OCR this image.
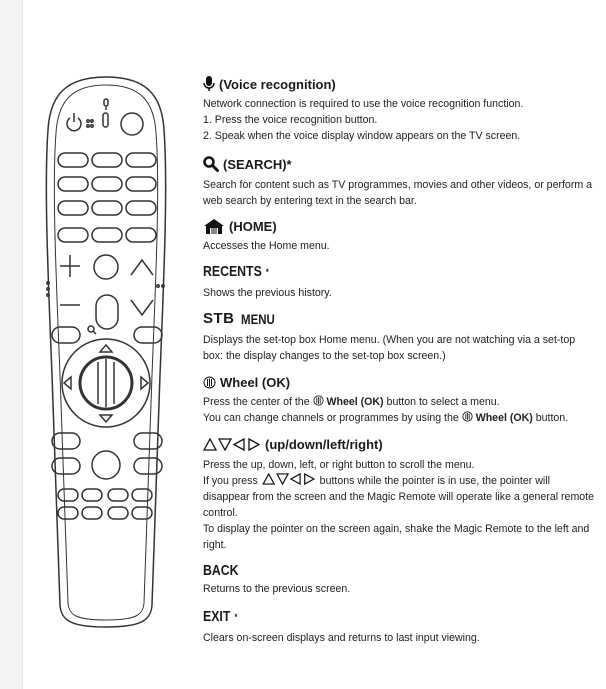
(Voice recognition)
Network connection is required to use the voice recognition function.
1. Press the voice recognition button.
2. Speak when the voice display window appears on the TV screen.
(SEARCH)*
Search for content such as TV programmes, movies and other videos, or perform a web search by entering text in the search bar.
(HOME)
Accesses the Home menu.
RECENTS *
Shows the previous history.
STB MENU
Displays the set-top box Home menu. (When you are not watching via a set-top box: the display changes to the set-top box screen.)
Wheel (OK)
Press the center of the Wheel (OK) button to select a menu.
You can change channels or programmes by using the Wheel (OK) button.
(up/down/left/right)
Press the up, down, left, or right button to scroll the menu.
If you press	buttons while the pointer is in use, the pointer will disappear from the screen and the Magic Remote will operate like a general remote control.
To display the pointer on the screen again, shake the Magic Remote to the left and right.
BACK
Returns to the previous screen.
EXIT *
Clears on-screen displays and returns to last input viewing.
